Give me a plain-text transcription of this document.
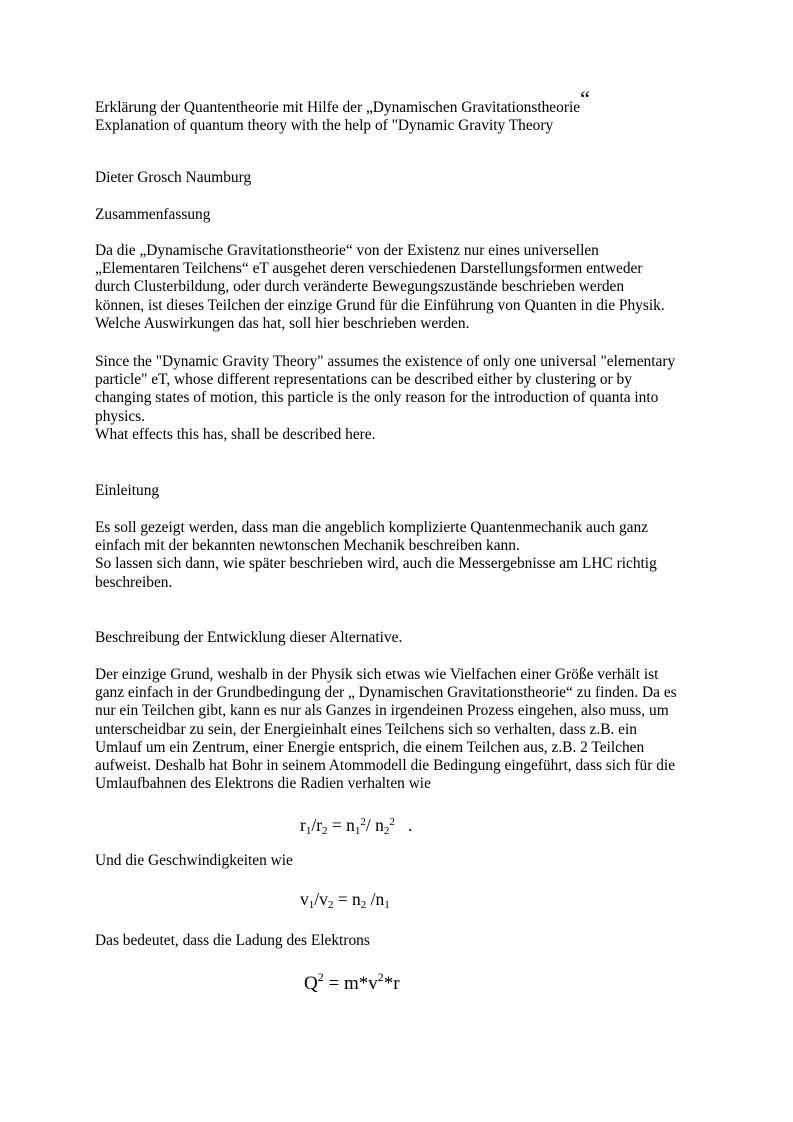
Erklärung der Quantentheorie mit Hilfe der „Dynamischen Gravitationstheorie“
Explanation of quantum theory with the help of "Dynamic Gravity Theory
Dieter Grosch Naumburg
Zusammenfassung
Da die „Dynamische Gravitationstheorie“ von der Existenz nur eines universellen
„Elementaren Teilchens“ eT ausgehet deren verschiedenen Darstellungsformen entweder
durch Clusterbildung, oder durch veränderte Bewegungszustände beschrieben werden
können, ist dieses Teilchen der einzige Grund für die Einführung von Quanten in die Physik.
Welche Auswirkungen das hat, soll hier beschrieben werden.
Since the "Dynamic Gravity Theory" assumes the existence of only one universal "elementary
particle" eT, whose different representations can be described either by clustering or by
changing states of motion, this particle is the only reason for the introduction of quanta into
physics.
What effects this has, shall be described here.
Einleitung
Es soll gezeigt werden, dass man die angeblich komplizierte Quantenmechanik auch ganz
einfach mit der bekannten newtonschen Mechanik beschreiben kann.
So lassen sich dann, wie später beschrieben wird, auch die Messergebnisse am LHC richtig
beschreiben.
Beschreibung der Entwicklung dieser Alternative.
Der einzige Grund, weshalb in der Physik sich etwas wie Vielfachen einer Größe verhält ist
ganz einfach in der Grundbedingung der „ Dynamischen Gravitationstheorie“ zu finden. Da es
nur ein Teilchen gibt, kann es nur als Ganzes in irgendeinen Prozess eingehen, also muss, um
unterscheidbar zu sein, der Energieinhalt eines Teilchens sich so verhalten, dass z.B. ein
Umlauf um ein Zentrum, einer Energie entsprich, die einem Teilchen aus, z.B. 2 Teilchen
aufweist. Deshalb hat Bohr in seinem Atommodell die Bedingung eingeführt, dass sich für die
Umlaufbahnen des Elektrons die Radien verhalten wie
$r_1/r_2 = n_1^2/$ $n_2^2$   .
Und die Geschwindigkeiten wie
$v_1/v_2 = n_2$ $/n_1$
Das bedeutet, dass die Ladung des Elektrons
$Q^2 = m*v^2*r$
